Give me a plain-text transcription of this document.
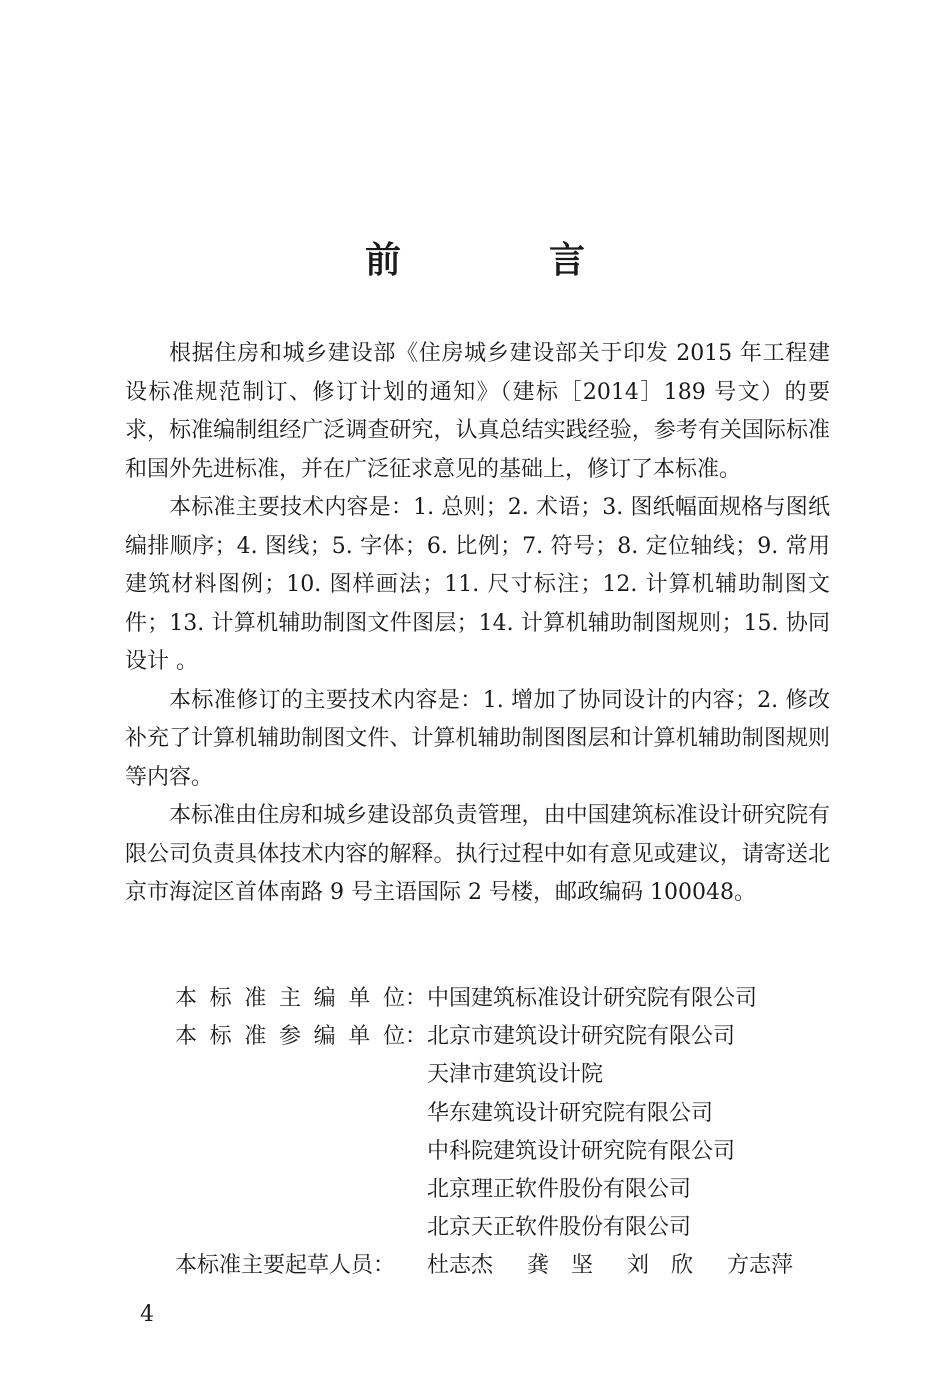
前　言

根据住房和城乡建设部《住房城乡建设部关于印发 2015 年工程建设标准规范制订、修订计划的通知》（建标［2014］189 号文）的要求，标准编制组经广泛调查研究，认真总结实践经验，参考有关国际标准和国外先进标准，并在广泛征求意见的基础上，修订了本标准。

本标准主要技术内容是：1. 总则；2. 术语；3. 图纸幅面规格与图纸编排顺序；4. 图线；5. 字体；6. 比例；7. 符号；8. 定位轴线；9. 常用建筑材料图例；10. 图样画法；11. 尺寸标注；12. 计算机辅助制图文件；13. 计算机辅助制图文件图层；14. 计算机辅助制图规则；15. 协同设计 。

本标准修订的主要技术内容是：1. 增加了协同设计的内容；2. 修改补充了计算机辅助制图文件、计算机辅助制图图层和计算机辅助制图规则等内容。

本标准由住房和城乡建设部负责管理，由中国建筑标准设计研究院有限公司负责具体技术内容的解释。执行过程中如有意见或建议，请寄送北京市海淀区首体南路 9 号主语国际 2 号楼，邮政编码 100048。

本 标 准 主 编 单 位： 中国建筑标准设计研究院有限公司
本 标 准 参 编 单 位： 北京市建筑设计研究院有限公司
天津市建筑设计院
华东建筑设计研究院有限公司
中科院建筑设计研究院有限公司
北京理正软件股份有限公司
北京天正软件股份有限公司
本标准主要起草人员：	杜志杰 龚　坚 刘　欣 方志萍
4
